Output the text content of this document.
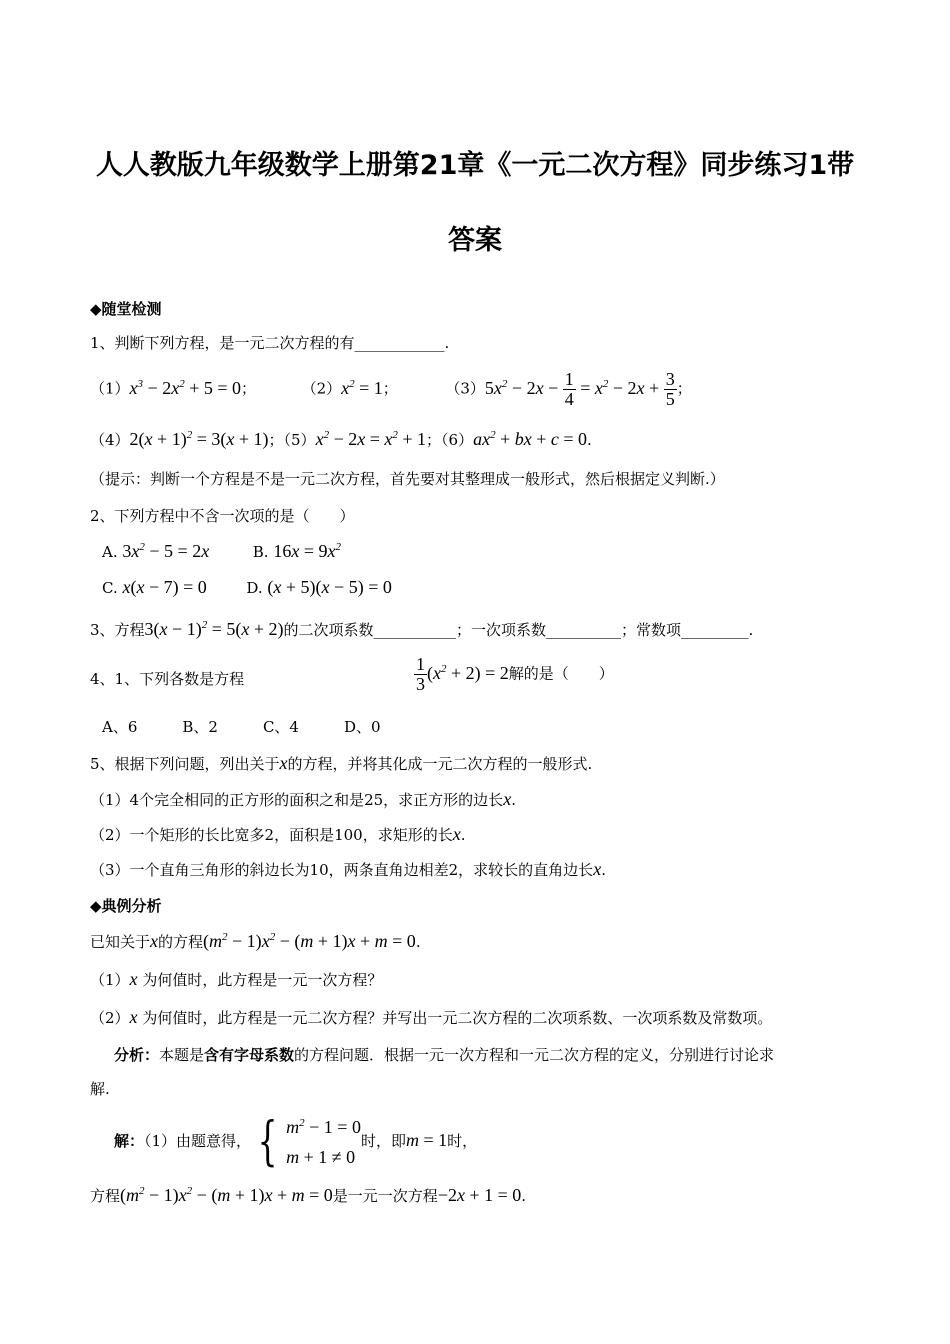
人人教版九年级数学上册第21章《一元二次方程》同步练习1带
答案
◆随堂检测
1、判断下列方程，是一元二次方程的有____________.
$(1)x^3 - 2x^2 + 5 = 0$；	$(2)x^2 = 1$；	$(3)5x^2 - 2x - \frac{1}{4} = x^2 - 2x + \frac{3}{5}$ ；
$(4)2(x + 1)^2 = 3(x + 1)$；$(5)x^2 - 2x = x^2 + 1$；$(6)ax^2$ + bx + c = 0.
（提示：判断一个方程是不是一元二次方程，首先要对其整理成一般形式，然后根据定义判断.）
2、下列方程中不含一次项的是（　　）
A. $3x^2 - 5 = 2x$	B. $16x = 9x^2$
C. x(x − 7) = 0	D. (x + 5)(x − 5) = 0
3、方程$3(x - 1)^2 = 5(x + 2)$的二次项系数___________；一次项系数__________；常数项_________.
4、1、下列各数是方程	$\frac{1}{3} (x^2 + 2) = 2$解的是（　　）
A、6　　　B、2　　　C、4　　　D、0
5、根据下列问题，列出关于x的方程，并将其化成一元二次方程的一般形式.
（1）4个完全相同的正方形的面积之和是25，求正方形的边长x.
（2）一个矩形的长比宽多2，面积是100，求矩形的长x.
（3）一个直角三角形的斜边长为10，两条直角边相差2，求较长的直角边长x.
◆典例分析
已知关于x的方程$(m^2 - 1)x^2 - (m + 1)x + m = 0$.
（1）x 为何值时，此方程是一元一次方程？
（2）x 为何值时，此方程是一元二次方程？并写出一元二次方程的二次项系数、一次项系数及常数项。
分析：本题是含有字母系数的方程问题．根据一元一次方程和一元二次方程的定义，分别进行讨论求
解.
解：（1）由题意得， { $m^2 - 1 = 0$
m + 1 ≠ 0
时，即m = 1时，
方程$(m^2 - 1)x^2 - (m + 1)x + m = 0$是一元一次方程−2x + 1 = 0.
